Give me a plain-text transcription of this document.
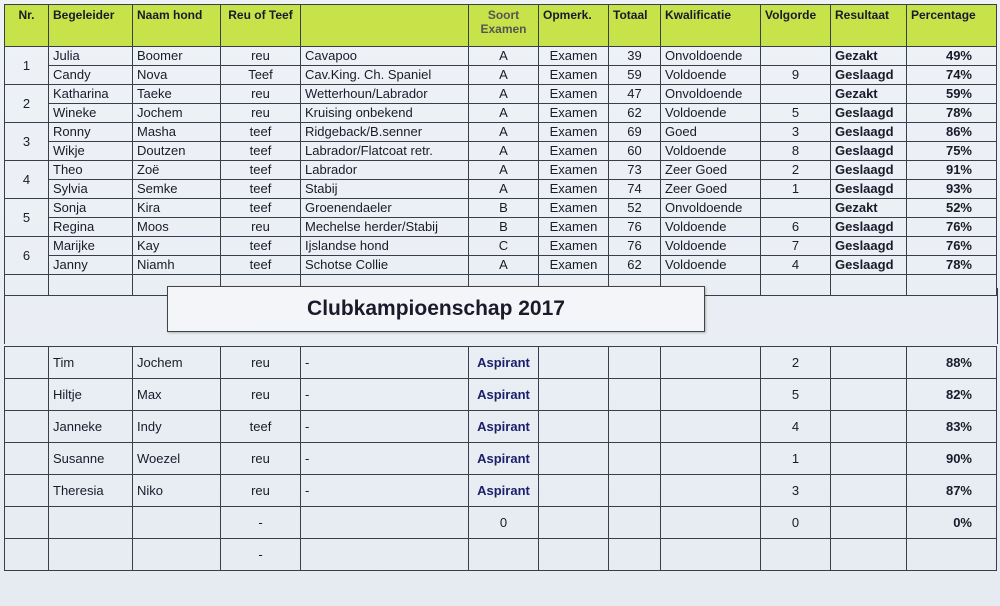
Nr.	Begeleider	Naam hond	Reu of Teef		Soort Examen	Opmerk.	Totaal	Kwalificatie	Volgorde	Resultaat	Percentage
1	Julia	Boomer	reu	Cavapoo	A	Examen	39	Onvoldoende		Gezakt	49%
	Candy	Nova	Teef	Cav.King. Ch. Spaniel	A	Examen	59	Voldoende	9	Geslaagd	74%
2	Katharina	Taeke	reu	Wetterhoun/Labrador	A	Examen	47	Onvoldoende		Gezakt	59%
	Wineke	Jochem	reu	Kruising onbekend	A	Examen	62	Voldoende	5	Geslaagd	78%
3	Ronny	Masha	teef	Ridgeback/B.senner	A	Examen	69	Goed	3	Geslaagd	86%
	Wikje	Doutzen	teef	Labrador/Flatcoat retr.	A	Examen	60	Voldoende	8	Geslaagd	75%
4	Theo	Zoë	teef	Labrador	A	Examen	73	Zeer Goed	2	Geslaagd	91%
	Sylvia	Semke	teef	Stabij	A	Examen	74	Zeer Goed	1	Geslaagd	93%
5	Sonja	Kira	teef	Groenendaeler	B	Examen	52	Onvoldoende		Gezakt	52%
	Regina	Moos	reu	Mechelse herder/Stabij	B	Examen	76	Voldoende	6	Geslaagd	76%
6	Marijke	Kay	teef	Ijslandse hond	C	Examen	76	Voldoende	7	Geslaagd	76%
	Janny	Niamh	teef	Schotse Collie	A	Examen	62	Voldoende	4	Geslaagd	78%

Clubkampioenschap 2017
	Tim	Jochem	reu	-	Aspirant				2		88%
	Hiltje	Max	reu	-	Aspirant				5		82%
	Janneke	Indy	teef	-	Aspirant				4		83%
	Susanne	Woezel	reu	-	Aspirant				1		90%
	Theresia	Niko	reu	-	Aspirant				3		87%
			-		0				0		0%
			-								
